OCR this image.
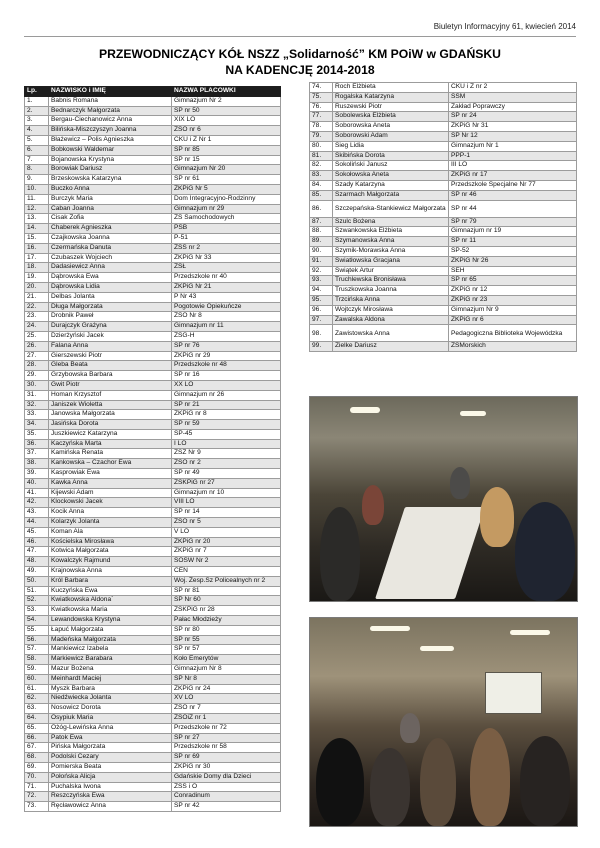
Biuletyn Informacyjny 61, kwiecień 2014
PRZEWODNICZĄCY KÓŁ NSZZ „Solidarność” KM POiW w GDAŃSKU
NA KADENCJĘ 2014-2018
Lp.	NAZWISKO i IMIĘ	NAZWA PLACÓWKI
1.	Babnis Romana	Gimnazjum Nr 2
2.	Bednarczyk Małgorzata	SP nr 50
3.	Bergau-Ciechanowicz Anna	XIX LO
4.	Bilińska-Miszczyszyn Joanna	ZSO nr 6
5.	Błażewicz – Polis Agnieszka	CKU i Z Nr 1
6.	Bobkowski Waldemar	SP nr 85
7.	Bojanowska Krystyna	SP nr 15
8.	Borowiak Dariusz	Gimnazjum Nr 20
9.	Brzeskowska Katarzyna	SP nr 61
10.	Buczko Anna	ZKPiG Nr 5
11.	Burczyk Maria	Dom Integracyjno-Rodzinny
12.	Caban Joanna	Gimnazjum nr 29
13.	Cisak Zofia	ZS Samochodowych
14.	Chaberek Agnieszka	PSB
15.	Czajkowska Joanna	P-51
16.	Czermańska Danuta	ZSS nr 2
17.	Czubaszek Wojciech	ZKPiG Nr 33
18.	Dadasiewicz Anna	ZSŁ
19.	Dąbrowska Ewa	Przedszkole nr 40
20.	Dąbrowska Lidia	ZKPiG Nr 21
21.	Delbas Jolanta	P Nr 43
22.	Długa Małgorzata	Pogotowie Opiekuńcze
23.	Drobnik Paweł	ZSO Nr 8
24.	Durajczyk Grażyna	Gimnazjum nr 11
25.	Dzierżyński Jacek	ZSG-H
26.	Falana Anna	SP nr 76
27.	Gierszewski Piotr	ZKPiG nr 29
28.	Gleba Beata	Przedszkole nr 48
29.	Grzybowska Barbara	SP nr 16
30.	Gwit Piotr	XX LO
31.	Homan Krzysztof	Gimnazjum nr 26
32.	Janiszek Wioletta	SP nr 21
33.	Janowska Małgorzata	ZKPiG nr 8
34.	Jasińska Dorota	SP nr 59
35.	Juszkiewicz Katarzyna	SP-45
36.	Kaczyńska Marta	I LO
37.	Kamińska Renata	ZSZ Nr 9
38.	Kankowska – Czachor Ewa	ZSO nr 2
39.	Kasprowiak Ewa	SP nr 49
40.	Kawka Anna	ZSKPiG nr 27
41.	Kijewski Adam	Gimnazjum nr 10
42.	Klockowski Jacek	VIII LO
43.	Kocik Anna	SP nr 14
44.	Kolarzyk Jolanta	ZSO nr 5
45.	Koman Ala	V LO
46.	Kościelska Mirosława	ZKPiG nr 20
47.	Kotwica Małgorzata	ZKPiG nr 7
48.	Kowalczyk Rajmund	SOSW Nr 2
49.	Krajnowska Anna	CEN
50.	Król Barbara	Woj. Zesp.Sz Policealnych nr 2
51.	Kuczyńska Ewa	SP nr 81
52.	Kwiatkowska Aldona`	SP Nr 60
53.	Kwiatkowska Maria	ZSKPiG nr 28
54.	Lewandowska Krystyna	Pałac Młodzieży
55.	Łapuć Małgorzata	SP nr 80
56.	Madeńska Małgorzata	SP nr 55
57.	Mankiewicz Izabela	SP nr 57
58.	Markiewicz Barabara	Koło Emerytów
59.	Mazur Bożena	Gimnazjum Nr 8
60.	Meinhardt Maciej	SP Nr 8
61.	Myszk Barbara	ZKPiG nr 24
62.	Niedźwiecka Jolanta	XV LO
63.	Nosowicz Dorota	ZSO nr 7
64.	Osypiuk Maria	ZSOiZ nr 1
65.	Ożóg-Lewińska Anna	Przedszkole nr 72
66.	Patok Ewa	SP nr 27
67.	Pińska Małgorzata	Przedszkole nr 58
68.	Podolski Cezary	SP nr 69
69.	Pomierska Beata	ZKPiG nr 30
70.	Połońska Alicja	Gdańskie Domy dla Dzieci
71.	Puchalska Iwona	ZSS i O
72.	Reszczyńska Ewa	Conradinum
73.	Ręcławowicz Anna	SP nr 42
74.	Roch Elżbieta	CKU i Z nr 2
75.	Rogalska Katarzyna	SSM
76.	Ruszewski Piotr	Zakład Poprawczy
77.	Sobolewska Elżbieta	SP nr 24
78.	Soborowska Aneta	ZKPiG Nr 31
79.	Soborowski Adam	SP Nr 12
80.	Sieg Lidia	Gimnazjum Nr 1
81.	Skibińska Dorota	PPP-1
82.	Sokoliński Janusz	III LO
83.	Sokołowska Aneta	ZKPiG nr 17
84.	Szady Katarzyna	Przedszkole Specjalne Nr 77
85.	Szarmach Małgorzata	SP nr 46
86.	Szczepańska-Stankiewicz Małgorzata	SP nr 44
87.	Szulc Bożena	SP nr 79
88.	Szwankowska Elżbieta	Gimnazjum nr 19
89.	Szymanowska Anna	SP nr 11
90.	Szymik-Morawska Anna	SP-52
91.	Światłowska Gracjana	ZKPiG Nr 26
92.	Świątek Artur	SEH
93.	Truchlewska Bronisława	SP nr 65
94.	Truszkowska Joanna	ZKPiG nr 12
95.	Trzcińska Anna	ZKPiG nr 23
96.	Wojtczyk Mirosława	Gimnazjum Nr 9
97.	Zawalska Aldona	ZKPiG nr 6
98.	Zawistowska Anna	Pedagogiczna Biblioteka Wojewódzka
99.	Zielke Dariusz	ZSMorskich
